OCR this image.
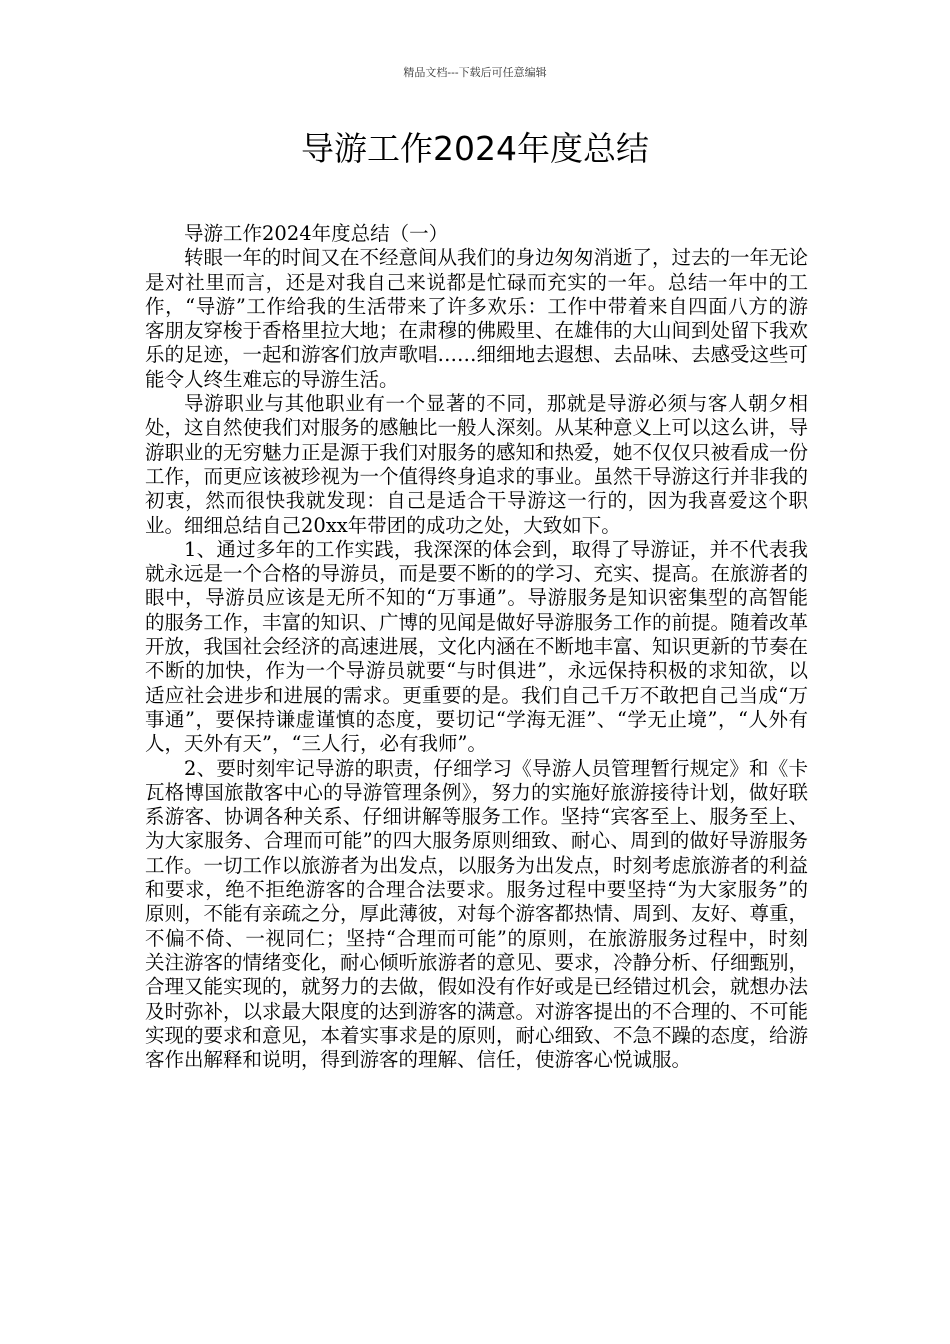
精品文档---下载后可任意编辑
导游工作2024年度总结

导游工作2024年度总结（一）

转眼一年的时间又在不经意间从我们的身边匆匆消逝了，过去的一年无论是对社里而言，还是对我自己来说都是忙碌而充实的一年。总结一年中的工作，“导游”工作给我的生活带来了许多欢乐：工作中带着来自四面八方的游客朋友穿梭于香格里拉大地；在肃穆的佛殿里、在雄伟的大山间到处留下我欢乐的足迹，一起和游客们放声歌唱……细细地去遐想、去品味、去感受这些可能令人终生难忘的导游生活。

导游职业与其他职业有一个显著的不同，那就是导游必须与客人朝夕相处，这自然使我们对服务的感触比一般人深刻。从某种意义上可以这么讲，导游职业的无穷魅力正是源于我们对服务的感知和热爱，她不仅仅只被看成一份工作，而更应该被珍视为一个值得终身追求的事业。虽然干导游这行并非我的初衷，然而很快我就发现：自己是适合干导游这一行的，因为我喜爱这个职业。细细总结自己20xx年带团的成功之处，大致如下。

1、通过多年的工作实践，我深深的体会到，取得了导游证，并不代表我就永远是一个合格的导游员，而是要不断的的学习、充实、提高。在旅游者的眼中，导游员应该是无所不知的“万事通”。导游服务是知识密集型的高智能的服务工作，丰富的知识、广博的见闻是做好导游服务工作的前提。随着改革开放，我国社会经济的高速进展，文化内涵在不断地丰富、知识更新的节奏在不断的加快，作为一个导游员就要“与时俱进”，永远保持积极的求知欲，以适应社会进步和进展的需求。更重要的是。我们自己千万不敢把自己当成“万事通”，要保持谦虚谨慎的态度，要切记“学海无涯”、“学无止境”，“人外有人，天外有天”，“三人行，必有我师”。

2、要时刻牢记导游的职责，仔细学习《导游人员管理暂行规定》和《卡瓦格博国旅散客中心的导游管理条例》，努力的实施好旅游接待计划，做好联系游客、协调各种关系、仔细讲解等服务工作。坚持“宾客至上、服务至上、为大家服务、合理而可能”的四大服务原则细致、耐心、周到的做好导游服务工作。一切工作以旅游者为出发点，以服务为出发点，时刻考虑旅游者的利益和要求，绝不拒绝游客的合理合法要求。服务过程中要坚持“为大家服务”的原则，不能有亲疏之分，厚此薄彼，对每个游客都热情、周到、友好、尊重，不偏不倚、一视同仁；坚持“合理而可能”的原则，在旅游服务过程中，时刻关注游客的情绪变化，耐心倾听旅游者的意见、要求，冷静分析、仔细甄别，合理又能实现的，就努力的去做，假如没有作好或是已经错过机会，就想办法及时弥补，以求最大限度的达到游客的满意。对游客提出的不合理的、不可能实现的要求和意见，本着实事求是的原则，耐心细致、不急不躁的态度，给游客作出解释和说明，得到游客的理解、信任，使游客心悦诚服。
